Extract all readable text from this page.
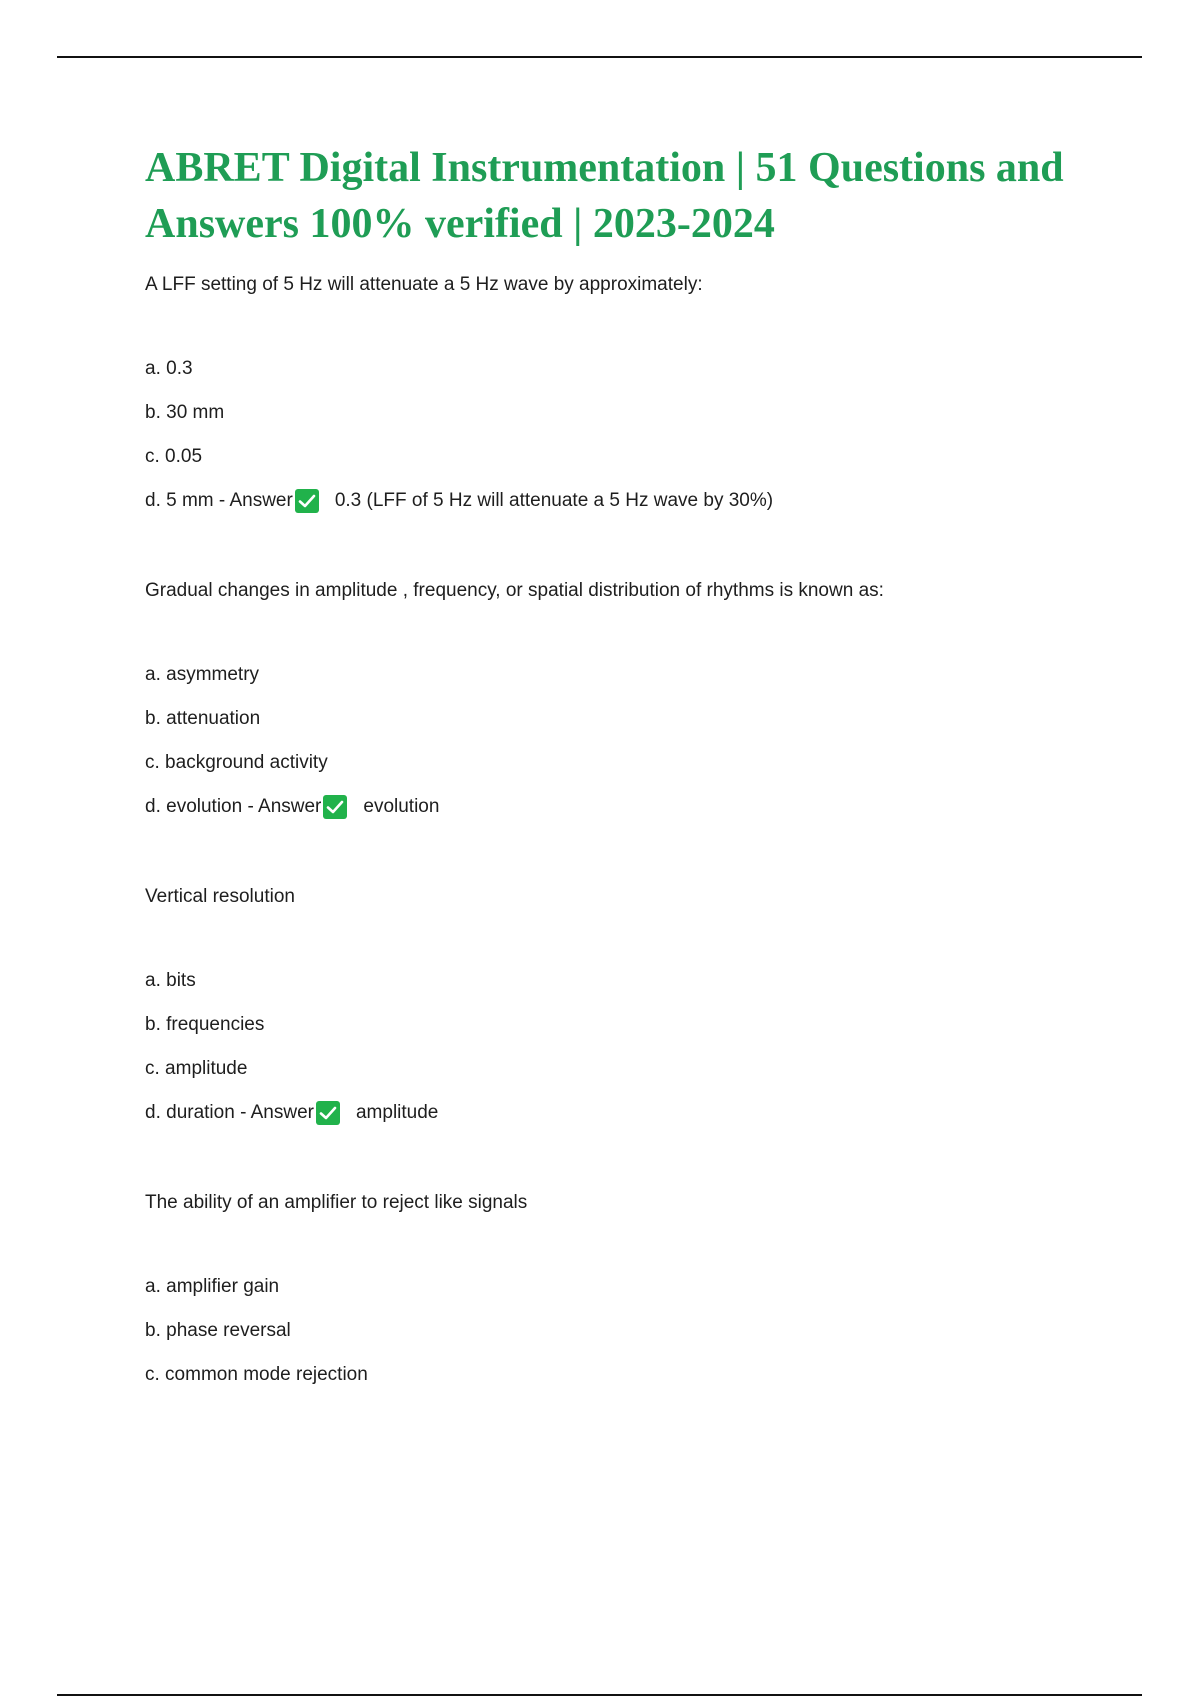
ABRET Digital Instrumentation | 51 Questions and Answers 100% verified | 2023-2024

A LFF setting of 5 Hz will attenuate a 5 Hz wave by approximately:

a. 0.3

b. 30 mm

c. 0.05

d. 5 mm - Answer 0.3 (LFF of 5 Hz will attenuate a 5 Hz wave by 30%)

Gradual changes in amplitude , frequency, or spatial distribution of rhythms is known as:

a. asymmetry

b. attenuation

c. background activity

d. evolution - Answer evolution

Vertical resolution

a. bits

b. frequencies

c. amplitude

d. duration - Answer amplitude

The ability of an amplifier to reject like signals

a. amplifier gain

b. phase reversal

c. common mode rejection
